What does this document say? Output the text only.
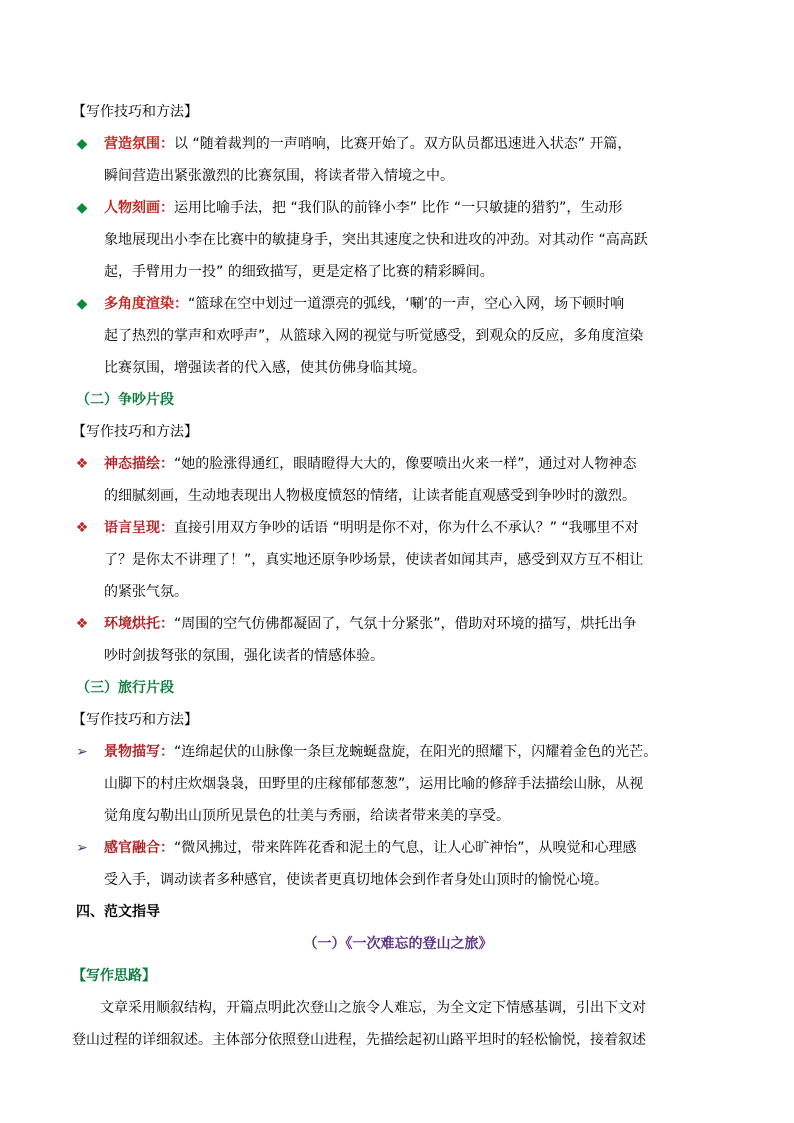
【写作技巧和方法】
◆	营造氛围：以 “随着裁判的一声哨响，比赛开始了。双方队员都迅速进入状态” 开篇，
瞬间营造出紧张激烈的比赛氛围，将读者带入情境之中。
◆	人物刻画：运用比喻手法，把 “我们队的前锋小李” 比作 “一只敏捷的猎豹”，生动形
象地展现出小李在比赛中的敏捷身手，突出其速度之快和进攻的冲劲。对其动作 “高高跃
起，手臂用力一投” 的细致描写，更是定格了比赛的精彩瞬间。
◆	多角度渲染：“篮球在空中划过一道漂亮的弧线，‘唰’的一声，空心入网，场下顿时响
起了热烈的掌声和欢呼声”，从篮球入网的视觉与听觉感受，到观众的反应，多角度渲染
比赛氛围，增强读者的代入感，使其仿佛身临其境。
（二）争吵片段
【写作技巧和方法】
❖ 神态描绘：“她的脸涨得通红，眼睛瞪得大大的，像要喷出火来一样”，通过对人物神态
的细腻刻画，生动地表现出人物极度愤怒的情绪，让读者能直观感受到争吵时的激烈。
❖ 语言呈现：直接引用双方争吵的话语 “明明是你不对，你为什么不承认？” “我哪里不对
了？是你太不讲理了！”，真实地还原争吵场景，使读者如闻其声，感受到双方互不相让
的紧张气氛。
❖ 环境烘托：“周围的空气仿佛都凝固了，气氛十分紧张”，借助对环境的描写，烘托出争
吵时剑拔弩张的氛围，强化读者的情感体验。
（三）旅行片段
【写作技巧和方法】
➢ 景物描写：“连绵起伏的山脉像一条巨龙蜿蜒盘旋，在阳光的照耀下，闪耀着金色的光芒。
山脚下的村庄炊烟袅袅，田野里的庄稼郁郁葱葱”，运用比喻的修辞手法描绘山脉，从视
觉角度勾勒出山顶所见景色的壮美与秀丽，给读者带来美的享受。
➢ 感官融合：“微风拂过，带来阵阵花香和泥土的气息，让人心旷神怡”，从嗅觉和心理感
受入手，调动读者多种感官，使读者更真切地体会到作者身处山顶时的愉悦心境。
四、范文指导
（一）《一次难忘的登山之旅》
【写作思路】
文章采用顺叙结构，开篇点明此次登山之旅令人难忘，为全文定下情感基调，引出下文对
登山过程的详细叙述。主体部分依照登山进程，先描绘起初山路平坦时的轻松愉悦，接着叙述
